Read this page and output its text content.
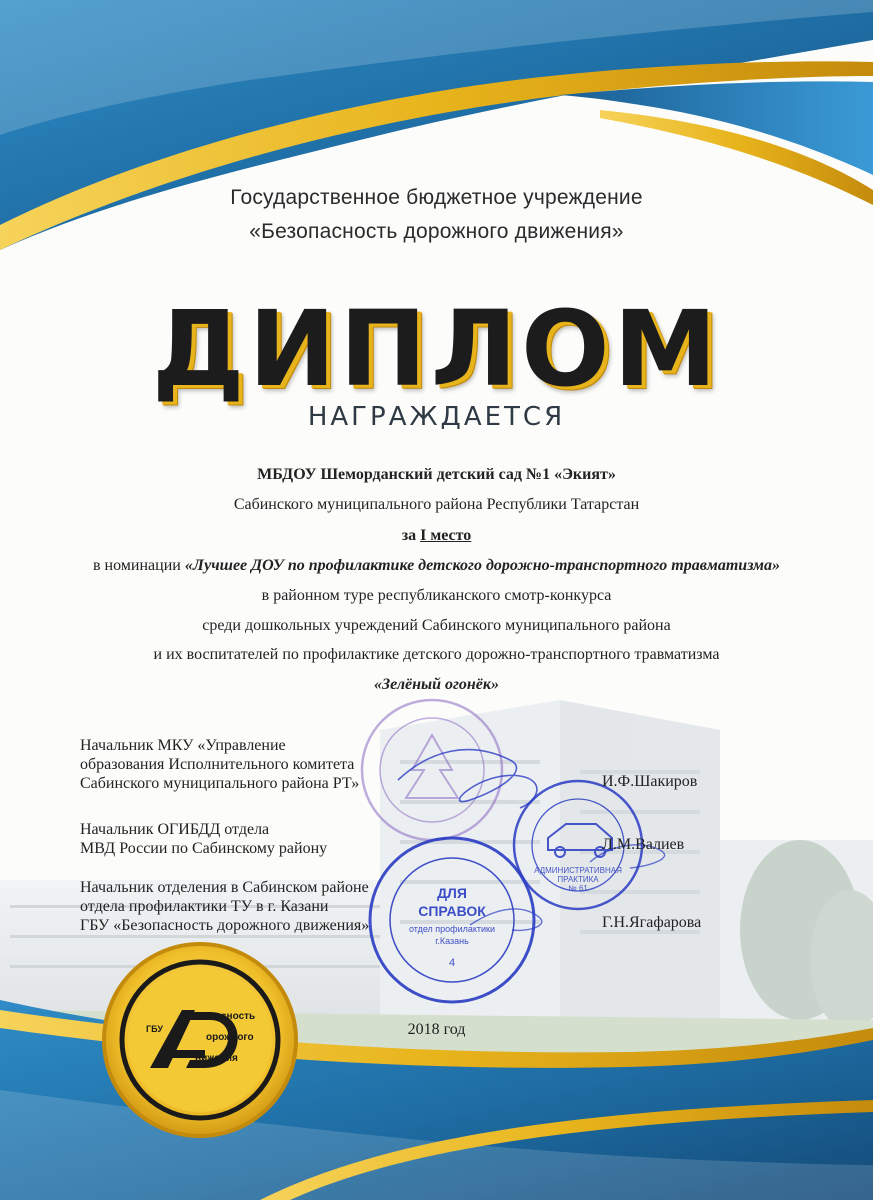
Государственное бюджетное учреждение
«Безопасность дорожного движения»
ДИПЛОМ
НАГРАЖДАЕТСЯ
МБДОУ Шеморданский детский сад №1 «Экият»
Сабинского муниципального района Республики Татарстан
за I место
в номинации «Лучшее ДОУ по профилактике детского дорожно-транспортного травматизма»
в районном туре республиканского смотр-конкурса
среди дошкольных учреждений Сабинского муниципального района
и их воспитателей по профилактике детского дорожно-транспортного травматизма
«Зелёный огонёк»
АДМИНИСТРАТИВНАЯ
ПРАКТИКА
№ 61
ДЛЯ
СПРАВОК
отдел профилактики
г.Казань
4
Начальник МКУ «Управление
образования Исполнительного комитета
Сабинского муниципального района РТ»	И.Ф.Шакиров
Начальник ОГИБДД отдела
МВД России по Сабинскому району	Л.М.Валиев
Начальник отделения в Сабинском районе
отдела профилактики ТУ в г. Казани
ГБУ «Безопасность дорожного движения»	Г.Н.Ягафарова
2018 год
ГБУ
езопасность
орожного
вижения
